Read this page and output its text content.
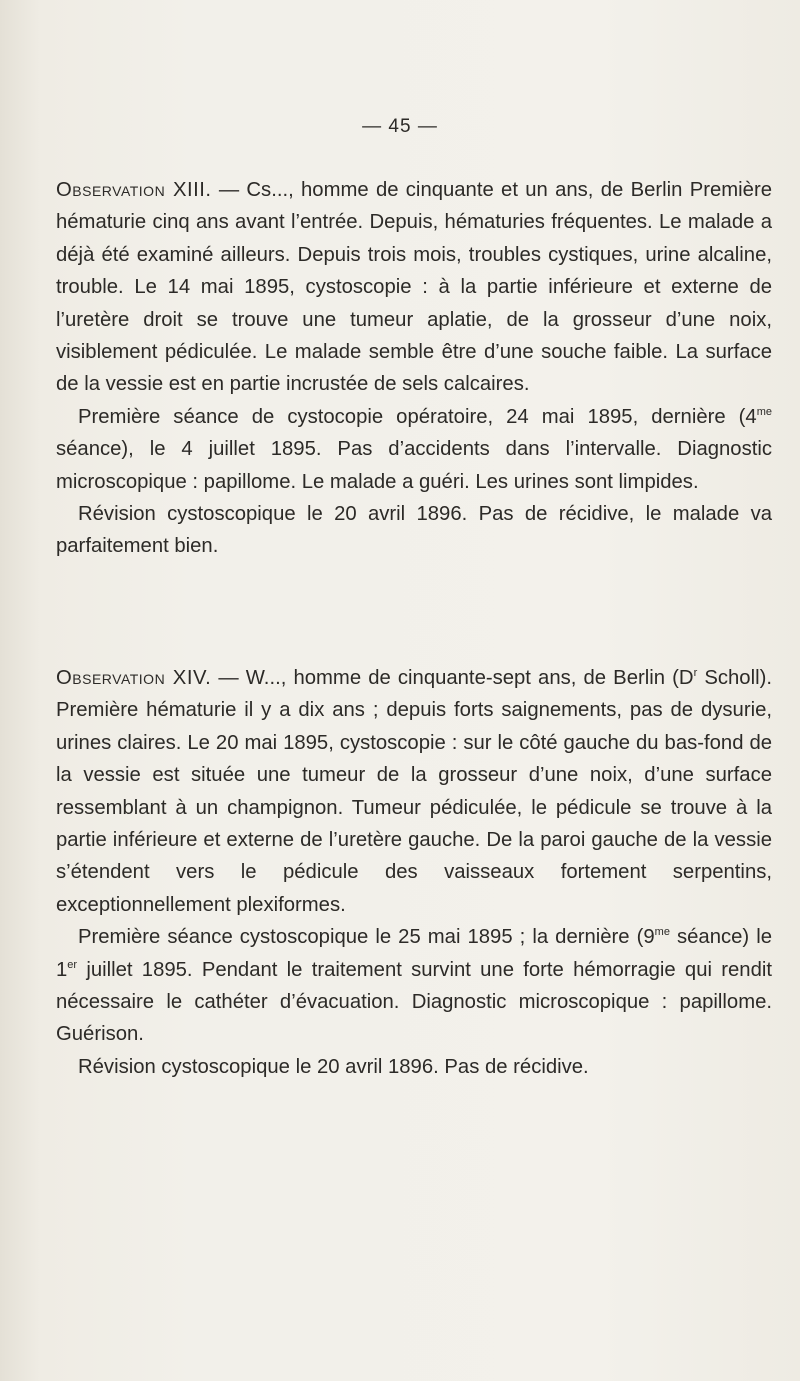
— 45 —

Observation XIII. — Cs..., homme de cinquante et un ans, de Berlin Première hématurie cinq ans avant l’entrée. Depuis, hématuries fréquentes. Le malade a déjà été examiné ailleurs. Depuis trois mois, troubles cystiques, urine alcaline, trouble. Le 14 mai 1895, cystoscopie : à la partie inférieure et externe de l’uretère droit se trouve une tumeur aplatie, de la grosseur d’une noix, visiblement pédiculée. Le malade semble être d’une souche faible. La surface de la vessie est en partie incrustée de sels calcaires.

Première séance de cystocopie opératoire, 24 mai 1895, dernière ($4^{me}$ séance), le 4 juillet 1895. Pas d’accidents dans l’intervalle. Diagnostic microscopique : papillome. Le malade a guéri. Les urines sont limpides.

Révision cystoscopique le 20 avril 1896. Pas de récidive, le malade va parfaitement bien.

Observation XIV. — W..., homme de cinquante-sept ans, de Berlin ($D^r$ Scholl). Première hématurie il y a dix ans ; depuis forts saignements, pas de dysurie, urines claires. Le 20 mai 1895, cystoscopie : sur le côté gauche du bas-fond de la vessie est située une tumeur de la grosseur d’une noix, d’une surface ressemblant à un champignon. Tumeur pédiculée, le pédicule se trouve à la partie inférieure et externe de l’uretère gauche. De la paroi gauche de la vessie s’étendent vers le pédicule des vaisseaux fortement serpentins, exceptionnellement plexiformes.

Première séance cystoscopique le 25 mai 1895 ; la dernière ($9^{me}$ séance) le 1er juillet 1895. Pendant le traitement survint une forte hémorragie qui rendit nécessaire le cathéter d’évacuation. Diagnostic microscopique : papillome. Guérison.

Révision cystoscopique le 20 avril 1896. Pas de récidive.
